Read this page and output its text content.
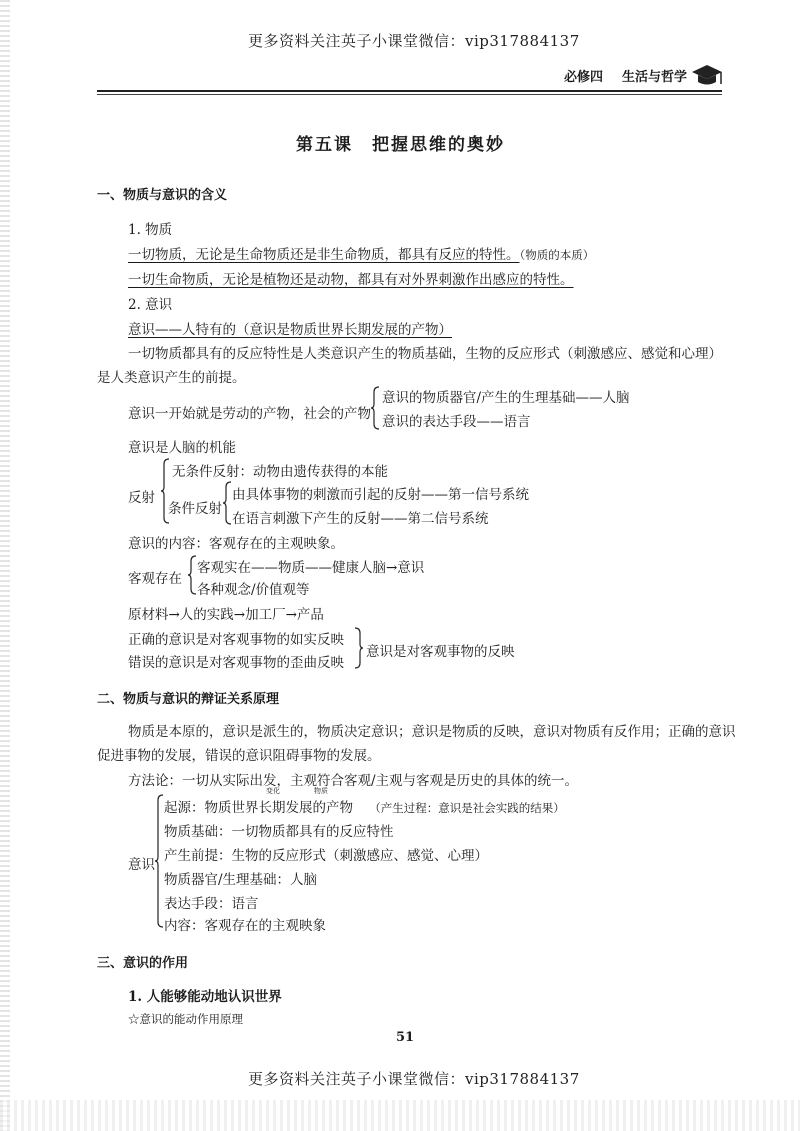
更多资料关注英子小课堂微信：vip317884137
必修四 生活与哲学
第五课　把握思维的奥妙
一、物质与意识的含义
1. 物质
一切物质，无论是生命物质还是非生命物质，都具有反应的特性。（物质的本质）
一切生命物质，无论是植物还是动物，都具有对外界刺激作出感应的特性。
2. 意识
意识——人特有的（意识是物质世界长期发展的产物）
一切物质都具有的反应特性是人类意识产生的物质基础，生物的反应形式（刺激感应、感觉和心理）
是人类意识产生的前提。
意识一开始就是劳动的产物，社会的产物
意识的物质器官/产生的生理基础——人脑
意识的表达手段——语言
意识是人脑的机能
反射
无条件反射：动物由遗传获得的本能
条件反射
由具体事物的刺激而引起的反射——第一信号系统
在语言刺激下产生的反射——第二信号系统
意识的内容：客观存在的主观映象。
客观存在
客观实在——物质——健康人脑→意识
各种观念/价值观等
原材料→人的实践→加工厂→产品
正确的意识是对客观事物的如实反映
错误的意识是对客观事物的歪曲反映
意识是对客观事物的反映
二、物质与意识的辩证关系原理
物质是本原的，意识是派生的，物质决定意识；意识是物质的反映，意识对物质有反作用；正确的意识
促进事物的发展，错误的意识阻碍事物的发展。
方法论：一切从实际出发，主观符合客观/主观与客观是历史的具体的统一。
变化	物质
意识
起源：物质世界长期发展的产物 （产生过程：意识是社会实践的结果）
物质基础：一切物质都具有的反应特性
产生前提：生物的反应形式（刺激感应、感觉、心理）
物质器官/生理基础：人脑
表达手段：语言
内容：客观存在的主观映象
三、意识的作用
1. 人能够能动地认识世界
☆意识的能动作用原理
51
更多资料关注英子小课堂微信：vip317884137
